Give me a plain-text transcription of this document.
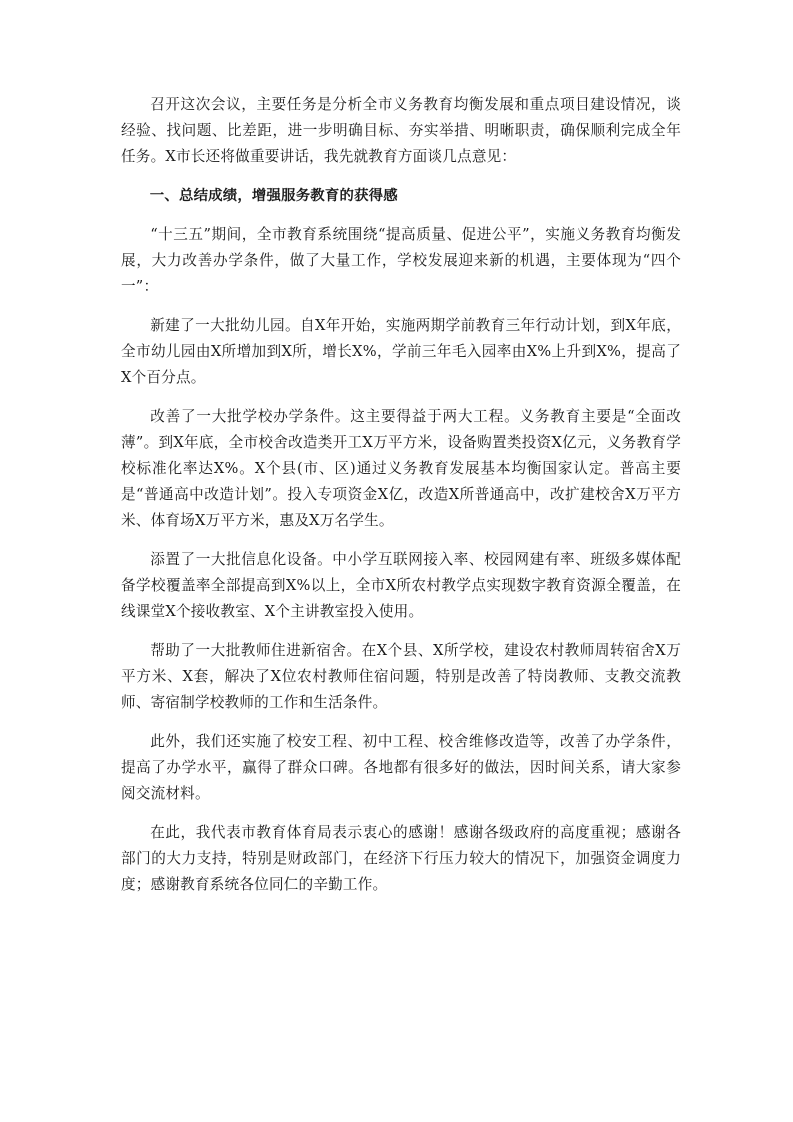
召开这次会议，主要任务是分析全市义务教育均衡发展和重点项目建设情况，谈经验、找问题、比差距，进一步明确目标、夯实举措、明晰职责，确保顺利完成全年任务。X市长还将做重要讲话，我先就教育方面谈几点意见：

一、总结成绩，增强服务教育的获得感

“十三五”期间，全市教育系统围绕“提高质量、促进公平”，实施义务教育均衡发展，大力改善办学条件，做了大量工作，学校发展迎来新的机遇，主要体现为“四个一”：

新建了一大批幼儿园。自X年开始，实施两期学前教育三年行动计划，到X年底，全市幼儿园由X所增加到X所，增长X%，学前三年毛入园率由X%上升到X%，提高了X个百分点。

改善了一大批学校办学条件。这主要得益于两大工程。义务教育主要是“全面改薄”。到X年底，全市校舍改造类开工X万平方米，设备购置类投资X亿元，义务教育学校标准化率达X%。X个县(市、区)通过义务教育发展基本均衡国家认定。普高主要是“普通高中改造计划”。投入专项资金X亿，改造X所普通高中，改扩建校舍X万平方米、体育场X万平方米，惠及X万名学生。

添置了一大批信息化设备。中小学互联网接入率、校园网建有率、班级多媒体配备学校覆盖率全部提高到X%以上，全市X所农村教学点实现数字教育资源全覆盖，在线课堂X个接收教室、X个主讲教室投入使用。

帮助了一大批教师住进新宿舍。在X个县、X所学校，建设农村教师周转宿舍X万平方米、X套，解决了X位农村教师住宿问题，特别是改善了特岗教师、支教交流教师、寄宿制学校教师的工作和生活条件。

此外，我们还实施了校安工程、初中工程、校舍维修改造等，改善了办学条件，提高了办学水平，赢得了群众口碑。各地都有很多好的做法，因时间关系，请大家参阅交流材料。

在此，我代表市教育体育局表示衷心的感谢！感谢各级政府的高度重视；感谢各部门的大力支持，特别是财政部门，在经济下行压力较大的情况下，加强资金调度力度；感谢教育系统各位同仁的辛勤工作。
